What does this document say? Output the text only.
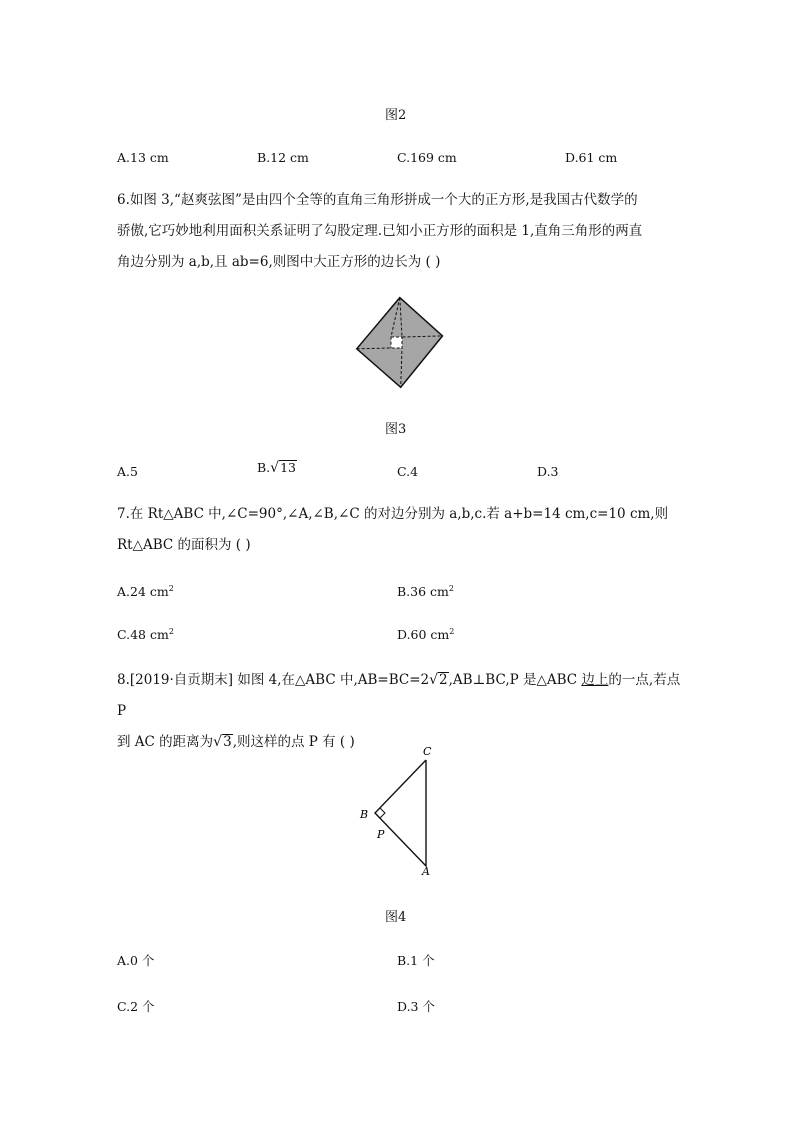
图2
A.13 cm	B.12 cm	C.169 cm	D.61 cm
6.如图 3,“赵爽弦图”是由四个全等的直角三角形拼成一个大的正方形,是我国古代数学的
骄傲,它巧妙地利用面积关系证明了勾股定理.已知小正方形的面积是 1,直角三角形的两直
角边分别为 a,b,且 ab=6,则图中大正方形的边长为 ( )
图3
A.5	B.√13	C.4	D.3
7.在 Rt△ABC 中,∠C=90°,∠A,∠B,∠C 的对边分别为 a,b,c.若 a+b=14 cm,c=10 cm,则
Rt△ABC 的面积为 ( )
A.24 $cm^2$	B.36 $cm^2$
C.48 $cm^2$	D.60 $cm^2$
8.[2019·自贡期末] 如图 4,在△ABC 中,AB=BC=2√2,AB⊥BC,P 是△ABC 边上的一点,若点 P
到 AC 的距离为√3,则这样的点 P 有 ( )
C
B
P
A
图4
A.0 个	B.1 个
C.2 个	D.3 个
